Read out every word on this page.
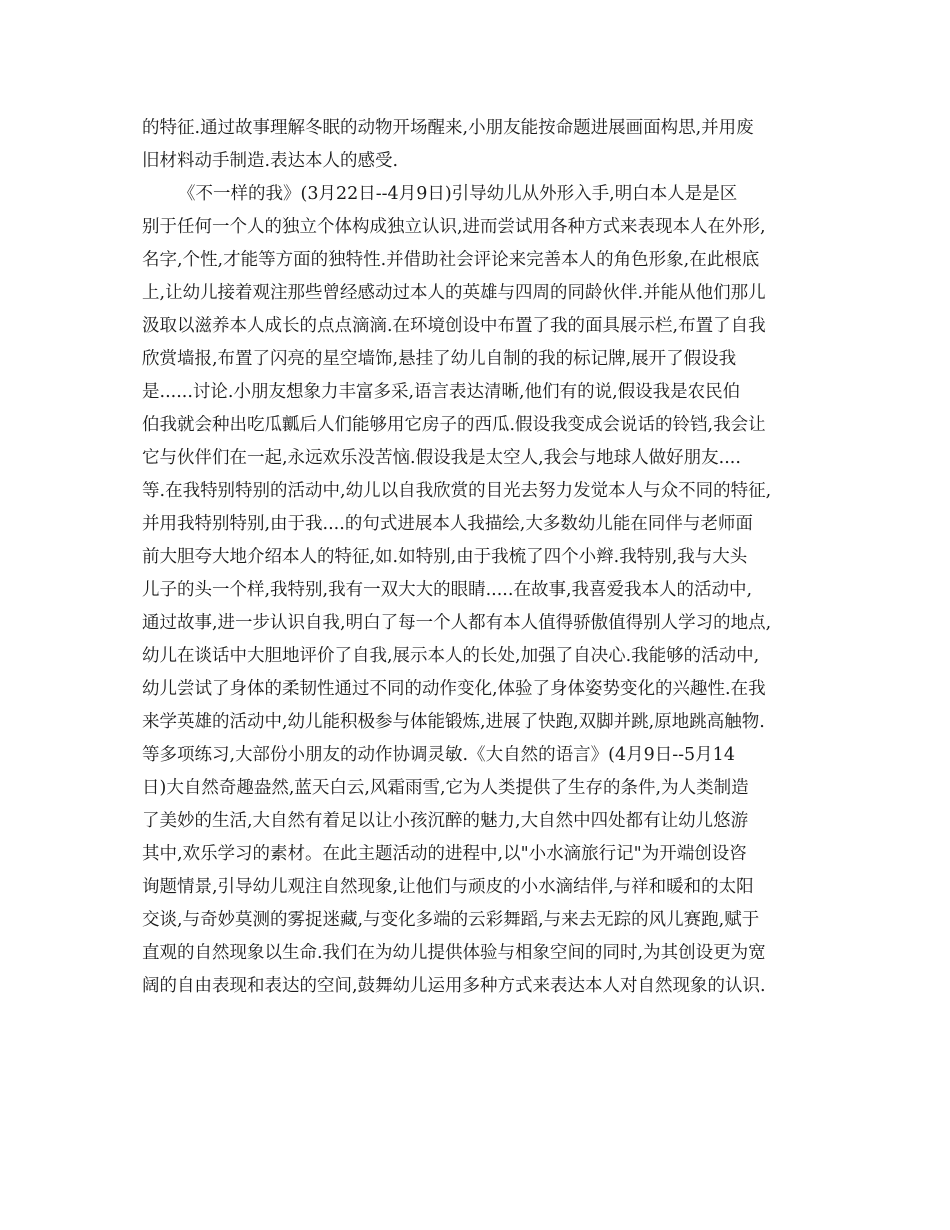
的特征.通过故事理解冬眠的动物开场醒来,小朋友能按命题进展画面构思,并用废
旧材料动手制造.表达本人的感受.
《不一样的我》(3月22日--4月9日)引导幼儿从外形入手,明白本人是是区
别于任何一个人的独立个体构成独立认识,进而尝试用各种方式来表现本人在外形,
名字,个性,才能等方面的独特性.并借助社会评论来完善本人的角色形象,在此根底
上,让幼儿接着观注那些曾经感动过本人的英雄与四周的同龄伙伴.并能从他们那儿
汲取以滋养本人成长的点点滴滴.在环境创设中布置了我的面具展示栏,布置了自我
欣赏墙报,布置了闪亮的星空墙饰,悬挂了幼儿自制的我的标记牌,展开了假设我
是......讨论.小朋友想象力丰富多采,语言表达清晰,他们有的说,假设我是农民伯
伯我就会种出吃瓜瓤后人们能够用它房子的西瓜.假设我变成会说话的铃铛,我会让
它与伙伴们在一起,永远欢乐没苦恼.假设我是太空人,我会与地球人做好朋友....
等.在我特别特别的活动中,幼儿以自我欣赏的目光去努力发觉本人与众不同的特征,
并用我特别特别,由于我....的句式进展本人我描绘,大多数幼儿能在同伴与老师面
前大胆夸大地介绍本人的特征,如.如特别,由于我梳了四个小辫.我特别,我与大头
儿子的头一个样,我特别,我有一双大大的眼睛.....在故事,我喜爱我本人的活动中,
通过故事,进一步认识自我,明白了每一个人都有本人值得骄傲值得别人学习的地点,
幼儿在谈话中大胆地评价了自我,展示本人的长处,加强了自决心.我能够的活动中,
幼儿尝试了身体的柔韧性通过不同的动作变化,体验了身体姿势变化的兴趣性.在我
来学英雄的活动中,幼儿能积极参与体能锻炼,进展了快跑,双脚并跳,原地跳高触物.
等多项练习,大部份小朋友的动作协调灵敏.《大自然的语言》(4月9日--5月14
日)大自然奇趣盎然,蓝天白云,风霜雨雪,它为人类提供了生存的条件,为人类制造
了美妙的生活,大自然有着足以让小孩沉醉的魅力,大自然中四处都有让幼儿悠游
其中,欢乐学习的素材。在此主题活动的进程中,以"小水滴旅行记"为开端创设咨
询题情景,引导幼儿观注自然现象,让他们与顽皮的小水滴结伴,与祥和暖和的太阳
交谈,与奇妙莫测的雾捉迷藏,与变化多端的云彩舞蹈,与来去无踪的风儿赛跑,赋于
直观的自然现象以生命.我们在为幼儿提供体验与相象空间的同时,为其创设更为宽
阔的自由表现和表达的空间,鼓舞幼儿运用多种方式来表达本人对自然现象的认识.
